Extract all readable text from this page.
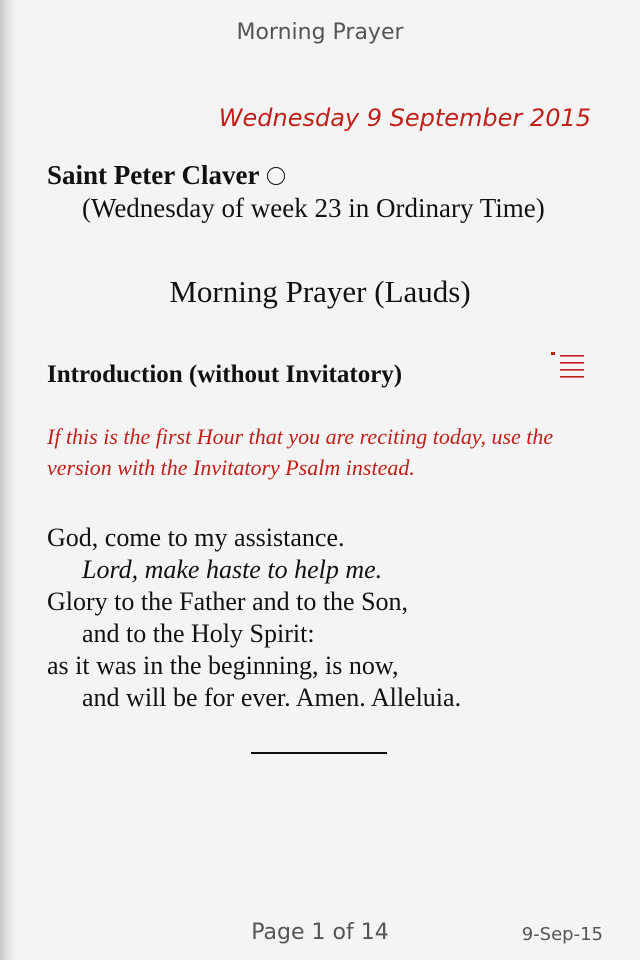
Morning Prayer
Wednesday 9 September 2015
Saint Peter Claver
(Wednesday of week 23 in Ordinary Time)
Morning Prayer (Lauds)
Introduction (without Invitatory)
If this is the first Hour that you are reciting today, use the version with the Invitatory Psalm instead.
God, come to my assistance.
Lord, make haste to help me.
Glory to the Father and to the Son,
and to the Holy Spirit:
as it was in the beginning, is now,
and will be for ever. Amen. Alleluia.
Page 1 of 14	9-Sep-15
